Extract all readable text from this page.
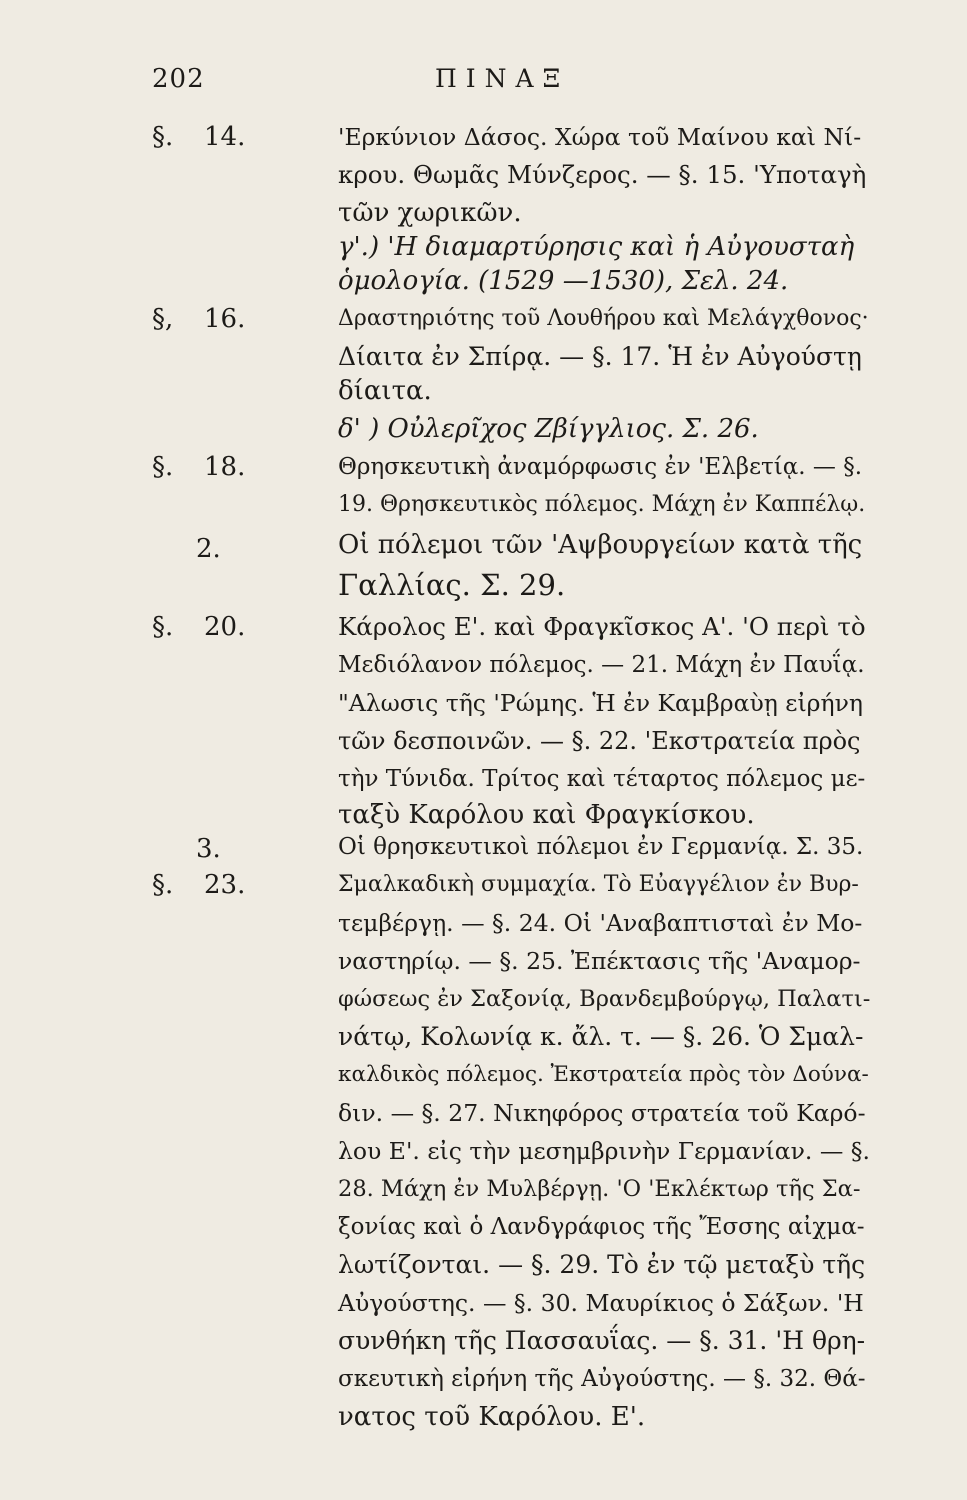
202	ΠΙΝΑΞ
§. 14.
§, 16.
§. 18.
2.
§. 20.
3.
§. 23.
'Ερκύνιον Δάσος. Χώρα τοῦ Μαίνου καὶ Νί-
κρου. Θωμᾶς Μύνζερος. — §. 15. 'Υποταγὴ
τῶν χωρικῶν.
γ'.) 'Η διαμαρτύρησις καὶ ἡ Αὐγουσταὴ
ὁμολογία. (1529 —1530), Σελ. 24.
Δραστηριότης τοῦ Λουθήρου καὶ Μελάγχθονος·
Δίαιτα ἐν Σπίρᾳ. — §. 17. Ἡ ἐν Αὐγούστῃ
δίαιτα.
δ' ) Οὐλερῖχος Ζβίγγλιος. Σ. 26.
Θρησκευτικὴ ἀναμόρφωσις ἐν 'Ελβετίᾳ. — §.
19. Θρησκευτικὸς πόλεμος. Μάχη ἐν Καππέλῳ.
Οἱ πόλεμοι τῶν 'Αψβουργείων κατὰ τῆς
Γαλλίας. Σ. 29.
Κάρολος Ε'. καὶ Φραγκῖσκος Α'. 'Ο περὶ τὸ
Μεδιόλανον πόλεμος. — 21. Μάχη ἐν Παυΐᾳ.
"Αλωσις τῆς 'Ρώμης. Ἡ ἐν Καμβραὺῃ εἰρήνη
τῶν δεσποινῶν. — §. 22. 'Εκστρατεία πρὸς
τὴν Τύνιδα. Τρίτος καὶ τέταρτος πόλεμος με-
ταξὺ Καρόλου καὶ Φραγκίσκου.
Οἱ θρησκευτικοὶ πόλεμοι ἐν Γερμανίᾳ. Σ. 35.
Σμαλκαδικὴ συμμαχία. Τὸ Εὐαγγέλιον ἐν Βυρ-
τεμβέργῃ. — §. 24. Οἱ 'Αναβαπτισταὶ ἐν Μο-
ναστηρίῳ. — §. 25. Ἐπέκτασις τῆς 'Αναμορ-
φώσεως ἐν Σαξονίᾳ, Βρανδεμβούργῳ, Παλατι-
νάτῳ, Κολωνίᾳ κ. ἄλ. τ. — §. 26. Ὁ Σμαλ-
καλδικὸς πόλεμος. Ἐκστρατεία πρὸς τὸν Δούνα-
διν. — §. 27. Νικηφόρος στρατεία τοῦ Καρό-
λου Ε'. εἰς τὴν μεσημβρινὴν Γερμανίαν. — §.
28. Μάχη ἐν Μυλβέργῃ. 'Ο 'Εκλέκτωρ τῆς Σα-
ξονίας καὶ ὁ Λανδγράφιος τῆς Ἔσσης αἰχμα-
λωτίζονται. — §. 29. Τὸ ἐν τῷ μεταξὺ τῆς
Αὐγούστης. — §. 30. Μαυρίκιος ὁ Σάξων. 'Η
συνθήκη τῆς Πασσαυΐας. — §. 31. 'Η θρη-
σκευτικὴ εἰρήνη τῆς Αὐγούστης. — §. 32. Θά-
νατος τοῦ Καρόλου. Ε'.
